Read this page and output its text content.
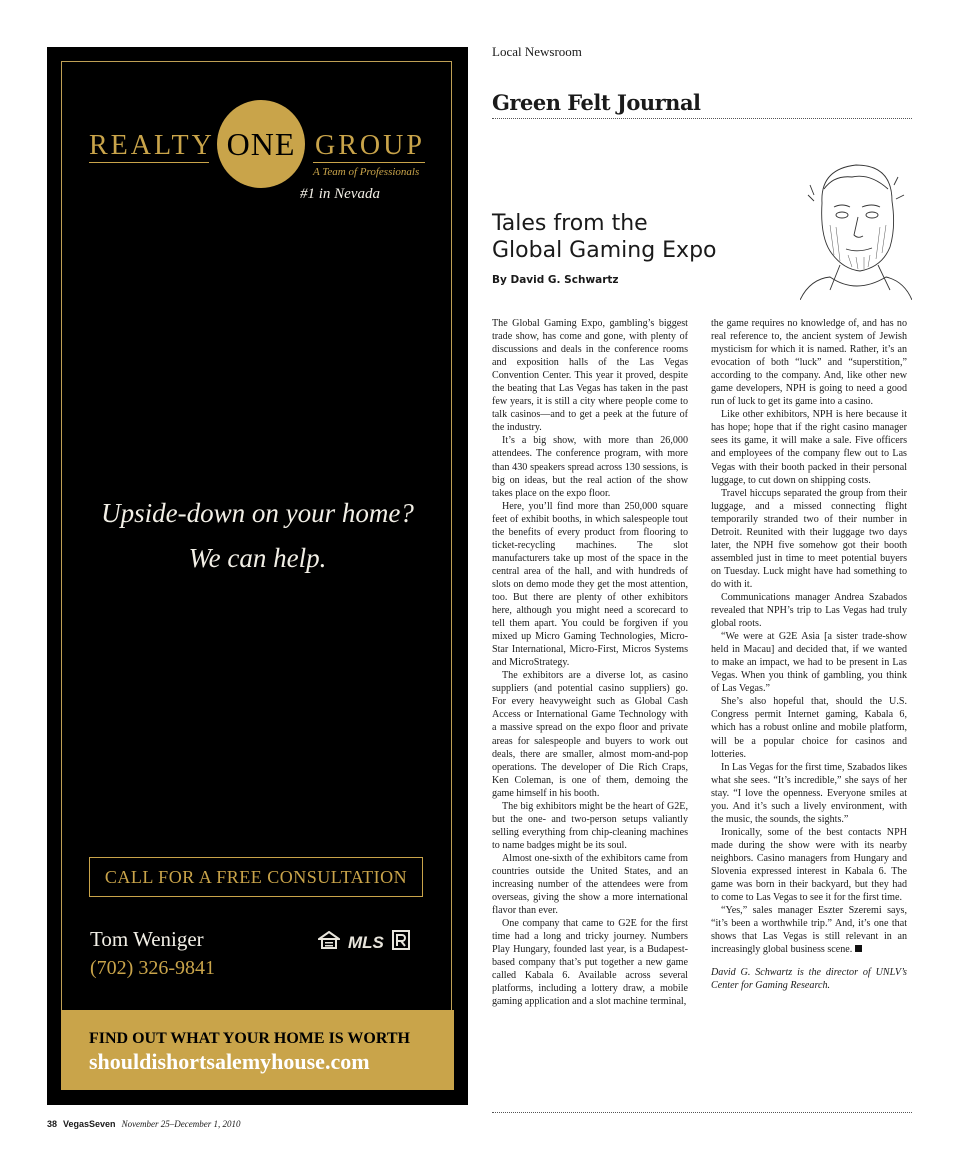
REALTY ONE GROUP
A Team of Professionals
#1 in Nevada
Upside-down on your home?
We can help.
CALL FOR A FREE CONSULTATION
Tom Weniger
(702) 326-9841
MLS
FIND OUT WHAT YOUR HOME IS WORTH
shouldishortsalemyhouse.com
Local Newsroom
Green Felt Journal
Tales from the
Global Gaming Expo
By David G. Schwartz

The Global Gaming Expo, gambling’s biggest trade show, has come and gone, with plenty of discussions and deals in the conference rooms and exposition halls of the Las Vegas Convention Center. This year it proved, despite the beating that Las Vegas has taken in the past few years, it is still a city where people come to talk casinos—and to get a peek at the future of the industry.

It’s a big show, with more than 26,000 attendees. The conference program, with more than 430 speakers spread across 130 sessions, is big on ideas, but the real action of the show takes place on the expo floor.

Here, you’ll find more than 250,000 square feet of exhibit booths, in which salespeople tout the benefits of every product from flooring to ticket-recycling machines. The slot manufacturers take up most of the space in the central area of the hall, and with hundreds of slots on demo mode they get the most attention, too. But there are plenty of other exhibitors here, although you might need a scorecard to tell them apart. You could be forgiven if you mixed up Micro Gaming Technologies, Micro-Star International, Micro-First, Micros Systems and MicroStrategy.

The exhibitors are a diverse lot, as casino suppliers (and potential casino suppliers) go. For every heavyweight such as Global Cash Access or International Game Technology with a massive spread on the expo floor and private areas for salespeople and buyers to work out deals, there are smaller, almost mom-and-pop operations. The developer of Die Rich Craps, Ken Coleman, is one of them, demoing the game himself in his booth.

The big exhibitors might be the heart of G2E, but the one- and two-person setups valiantly selling everything from chip-cleaning machines to name badges might be its soul.

Almost one-sixth of the exhibitors came from countries outside the United States, and an increasing number of the attendees were from overseas, giving the show a more international flavor than ever.

One company that came to G2E for the first time had a long and tricky journey. Numbers Play Hungary, founded last year, is a Budapest-based company that’s put together a new game called Kabala 6. Available across several platforms, including a lottery draw, a mobile gaming application and a slot machine terminal,

the game requires no knowledge of, and has no real reference to, the ancient system of Jewish mysticism for which it is named. Rather, it’s an evocation of both “luck” and “superstition,” according to the company. And, like other new game developers, NPH is going to need a good run of luck to get its game into a casino.

Like other exhibitors, NPH is here because it has hope; hope that if the right casino manager sees its game, it will make a sale. Five officers and employees of the company flew out to Las Vegas with their booth packed in their personal luggage, to cut down on shipping costs.

Travel hiccups separated the group from their luggage, and a missed connecting flight temporarily stranded two of their number in Detroit. Reunited with their luggage two days later, the NPH five somehow got their booth assembled just in time to meet potential buyers on Tuesday. Luck might have had something to do with it.

Communications manager Andrea Szabados revealed that NPH’s trip to Las Vegas had truly global roots.

“We were at G2E Asia [a sister trade-show held in Macau] and decided that, if we wanted to make an impact, we had to be present in Las Vegas. When you think of gambling, you think of Las Vegas.”

She’s also hopeful that, should the U.S. Congress permit Internet gaming, Kabala 6, which has a robust online and mobile platform, will be a popular choice for casinos and lotteries.

In Las Vegas for the first time, Szabados likes what she sees. “It’s incredible,” she says of her stay. “I love the openness. Everyone smiles at you. And it’s such a lively environment, with the music, the sounds, the sights.”

Ironically, some of the best contacts NPH made during the show were with its nearby neighbors. Casino managers from Hungary and Slovenia expressed interest in Kabala 6. The game was born in their backyard, but they had to come to Las Vegas to see it for the first time.

“Yes,” sales manager Eszter Szeremi says, “it’s been a worthwhile trip.” And, it’s one that shows that Las Vegas is still relevant in an increasingly global business scene.

David G. Schwartz is the director of UNLV’s Center for Gaming Research.

38 VegasSeven November 25–December 1, 2010
